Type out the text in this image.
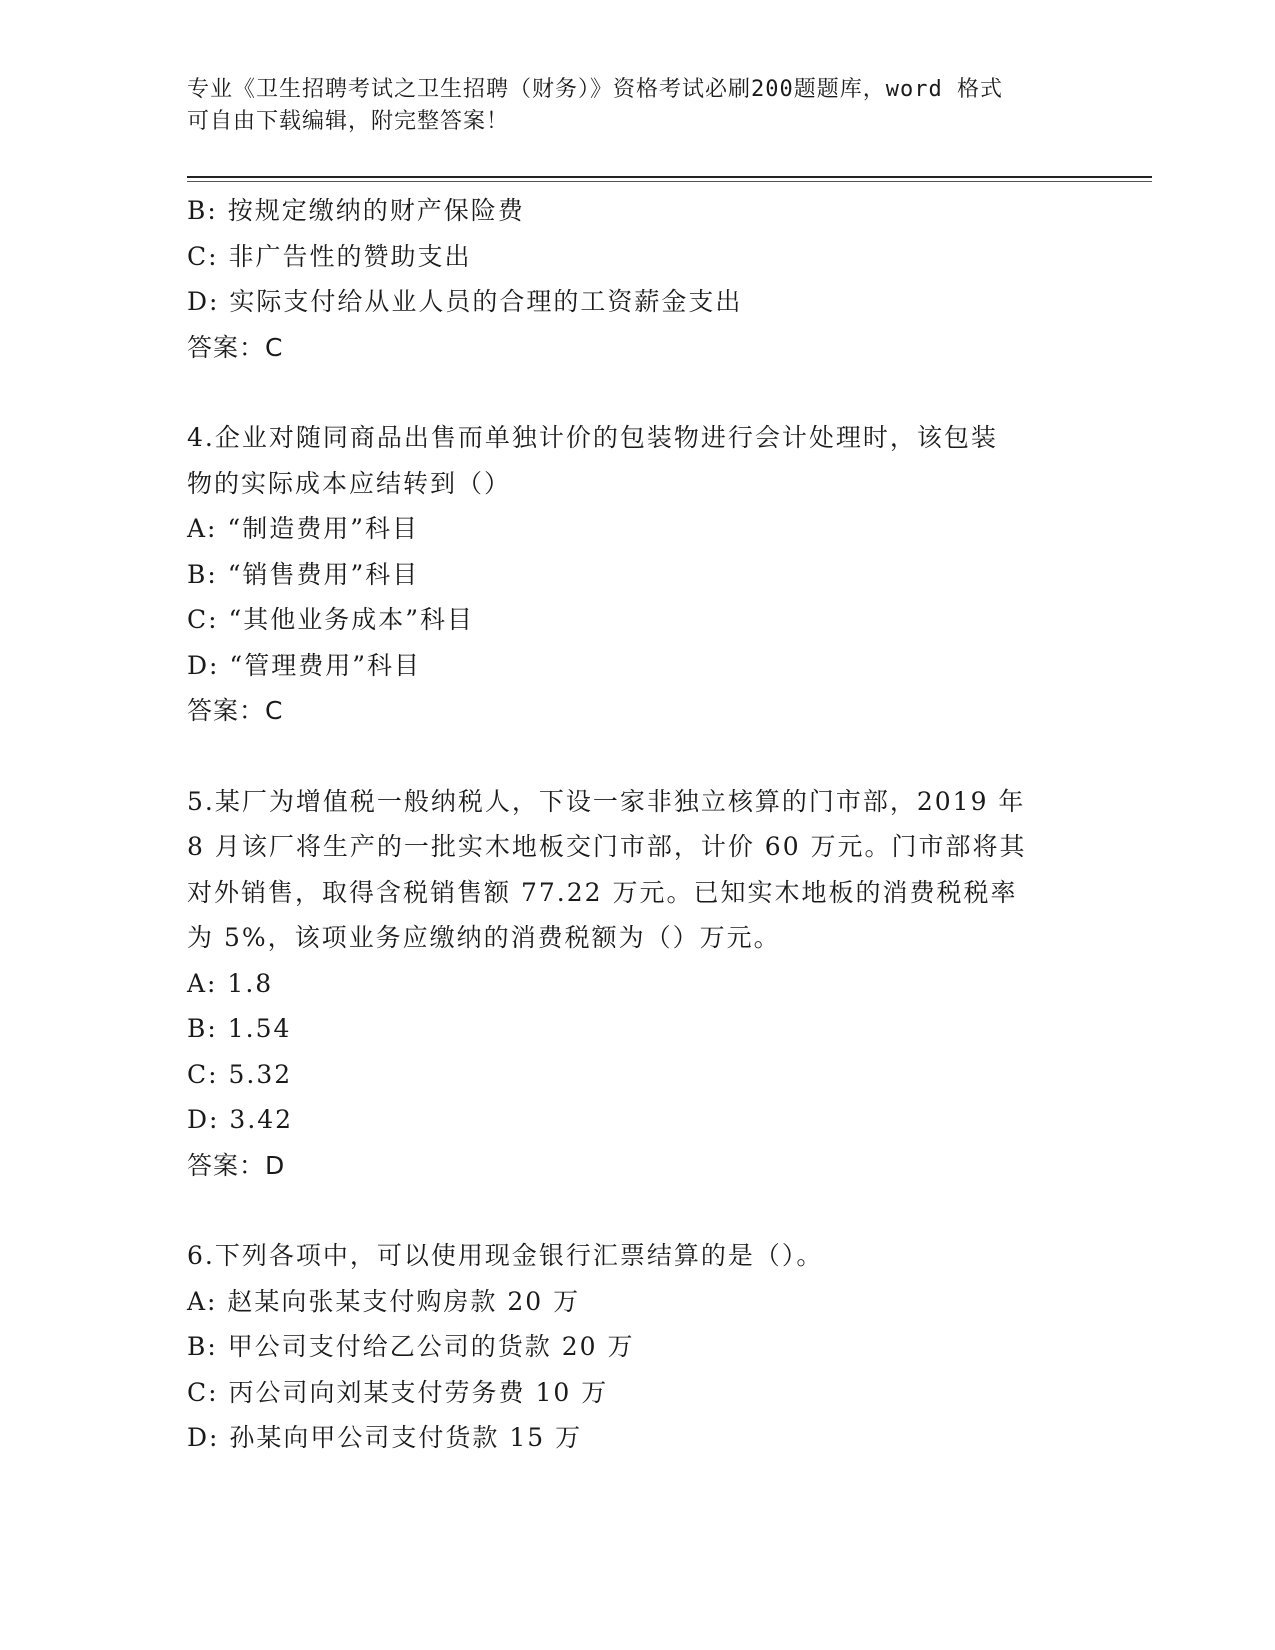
专业《卫生招聘考试之卫生招聘（财务）》资格考试必刷200题题库，word 格式
可自由下载编辑，附完整答案！
B: 按规定缴纳的财产保险费
C: 非广告性的赞助支出
D: 实际支付给从业人员的合理的工资薪金支出
答案：C
4.企业对随同商品出售而单独计价的包装物进行会计处理时，该包装
物的实际成本应结转到（）
A: “制造费用”科目
B: “销售费用”科目
C: “其他业务成本”科目
D: “管理费用”科目
答案：C
5.某厂为增值税一般纳税人，下设一家非独立核算的门市部，2019 年
8 月该厂将生产的一批实木地板交门市部，计价 60 万元。门市部将其
对外销售，取得含税销售额 77.22 万元。已知实木地板的消费税税率
为 5%，该项业务应缴纳的消费税额为（）万元。
A: 1.8
B: 1.54
C: 5.32
D: 3.42
答案：D
6.下列各项中，可以使用现金银行汇票结算的是（）。
A: 赵某向张某支付购房款 20 万
B: 甲公司支付给乙公司的货款 20 万
C: 丙公司向刘某支付劳务费 10 万
D: 孙某向甲公司支付货款 15 万
